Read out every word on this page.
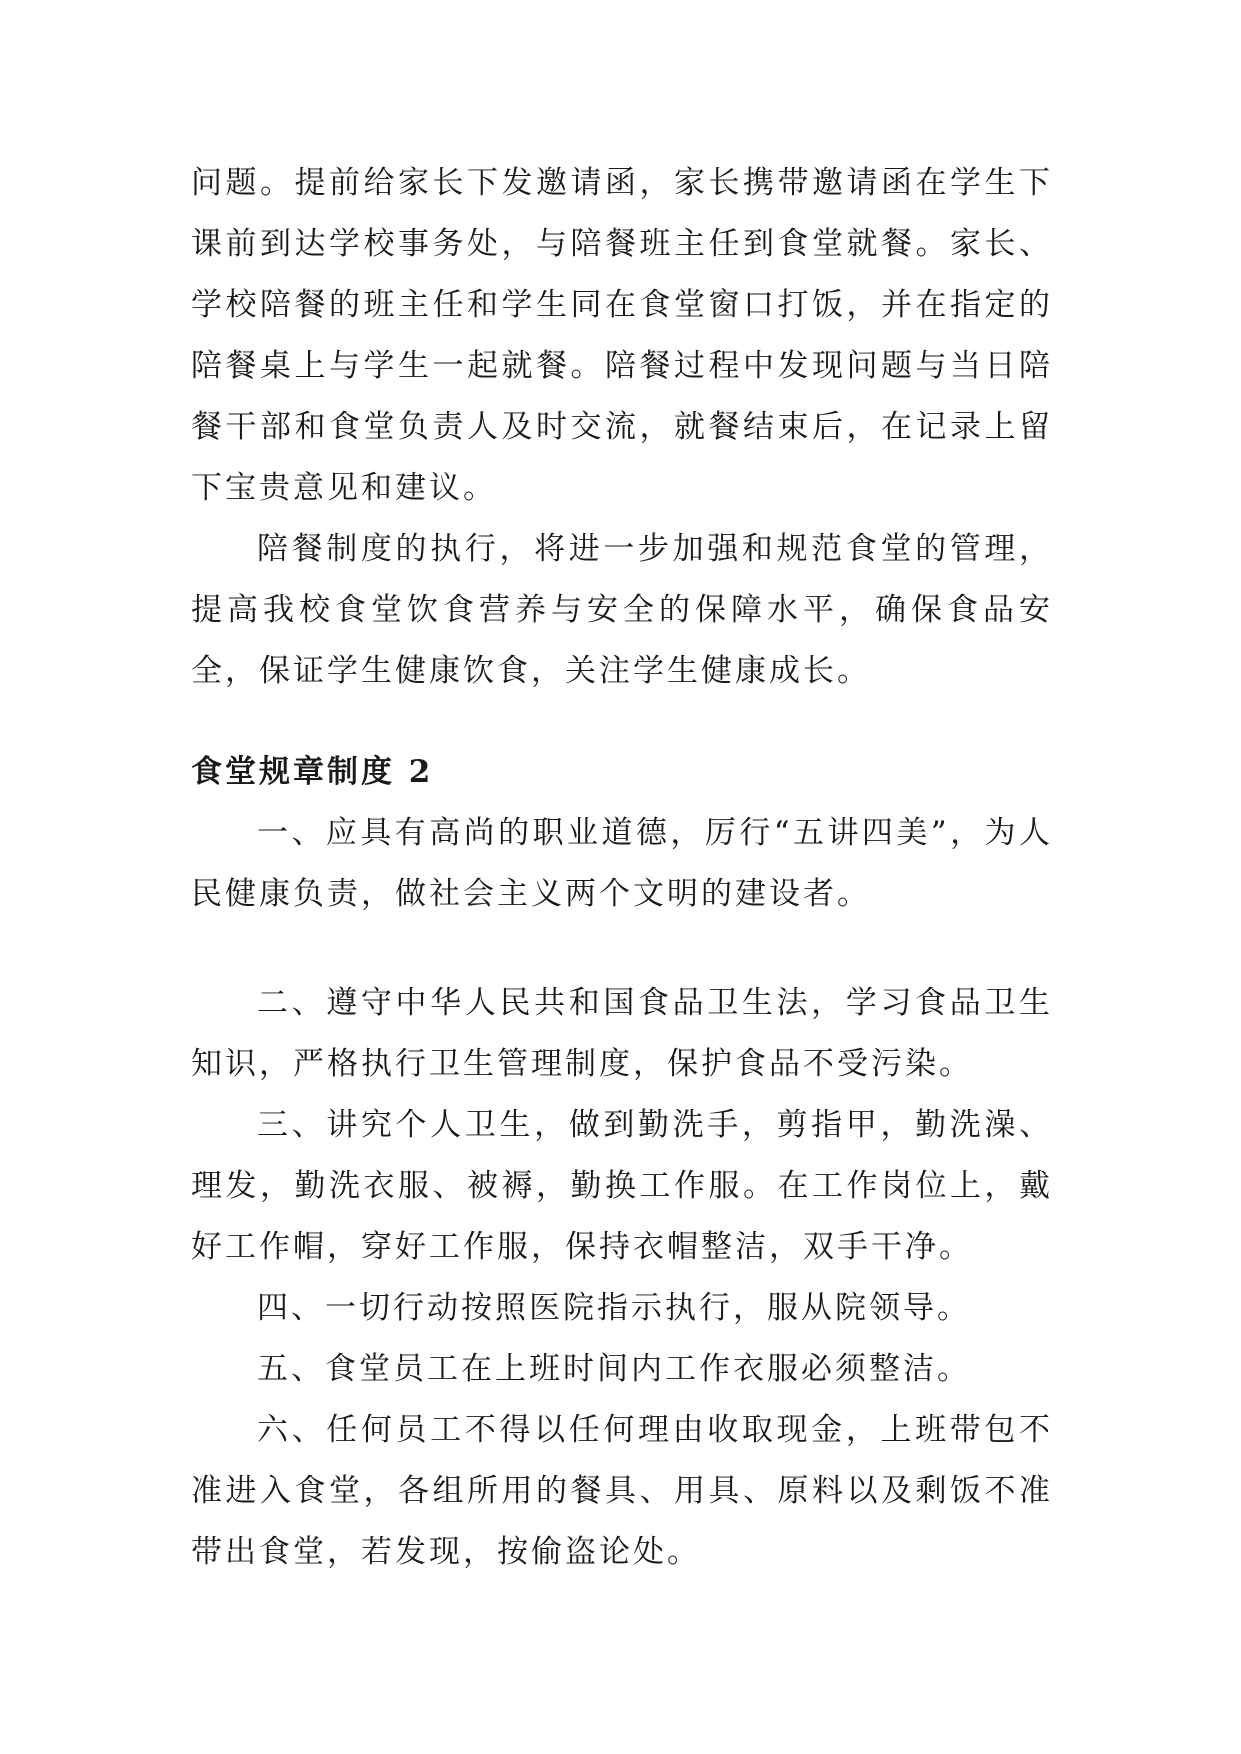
问题。提前给家长下发邀请函，家长携带邀请函在学生下课前到达学校事务处，与陪餐班主任到食堂就餐。家长、学校陪餐的班主任和学生同在食堂窗口打饭，并在指定的陪餐桌上与学生一起就餐。陪餐过程中发现问题与当日陪餐干部和食堂负责人及时交流，就餐结束后，在记录上留下宝贵意见和建议。

陪餐制度的执行，将进一步加强和规范食堂的管理，提高我校食堂饮食营养与安全的保障水平，确保食品安全，保证学生健康饮食，关注学生健康成长。

食堂规章制度 2

一、应具有高尚的职业道德，厉行“五讲四美”，为人民健康负责，做社会主义两个文明的建设者。

二、遵守中华人民共和国食品卫生法，学习食品卫生知识，严格执行卫生管理制度，保护食品不受污染。

三、讲究个人卫生，做到勤洗手，剪指甲，勤洗澡、理发，勤洗衣服、被褥，勤换工作服。在工作岗位上，戴好工作帽，穿好工作服，保持衣帽整洁，双手干净。

四、一切行动按照医院指示执行，服从院领导。

五、食堂员工在上班时间内工作衣服必须整洁。

六、任何员工不得以任何理由收取现金，上班带包不准进入食堂，各组所用的餐具、用具、原料以及剩饭不准带出食堂，若发现，按偷盗论处。
